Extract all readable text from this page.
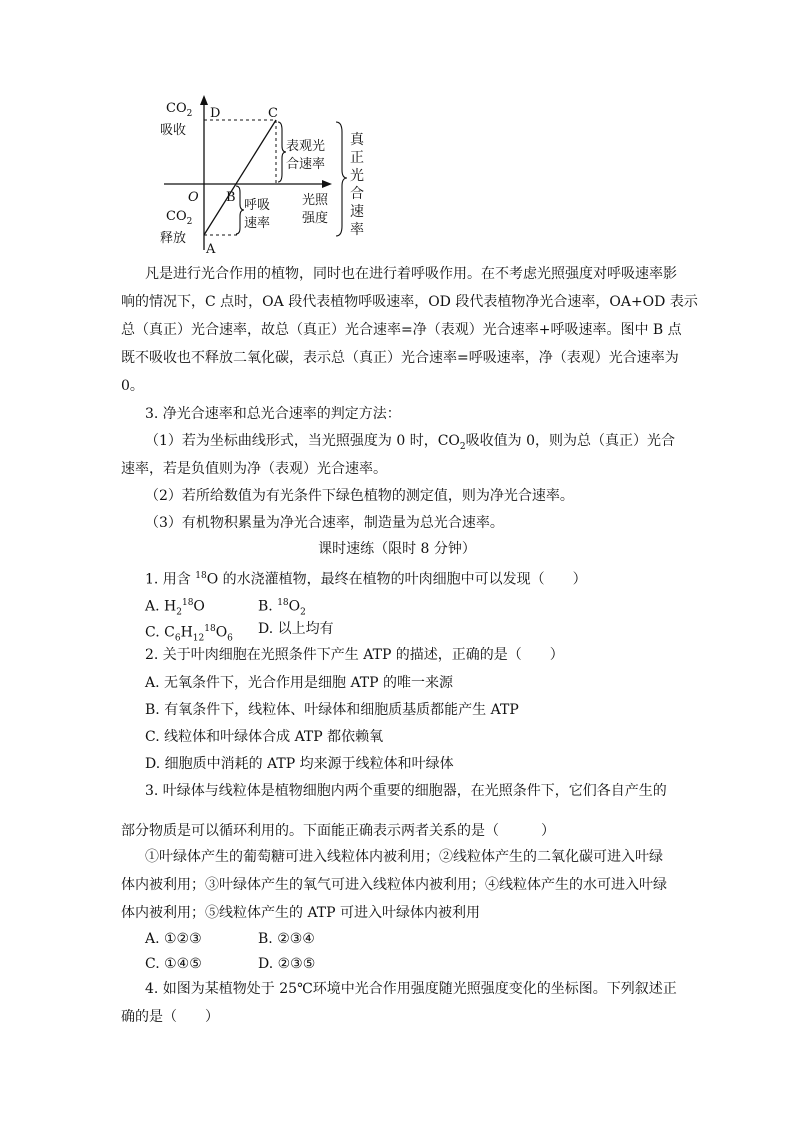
$CO_2$
吸收
$CO_2$
释放
D	C
O B
A
表观光
合速率
呼吸
速率
光照
强度
真
正
光
合
速
率
凡是进行光合作用的植物，同时也在进行着呼吸作用。在不考虑光照强度对呼吸速率影
响的情况下，C 点时，OA 段代表植物呼吸速率，OD 段代表植物净光合速率，OA+OD 表示
总（真正）光合速率，故总（真正）光合速率=净（表观）光合速率+呼吸速率。图中 B 点
既不吸收也不释放二氧化碳，表示总（真正）光合速率=呼吸速率，净（表观）光合速率为
0。
3. 净光合速率和总光合速率的判定方法：
（1）若为坐标曲线形式，当光照强度为 0 时，$CO_2$吸收值为 0，则为总（真正）光合
速率，若是负值则为净（表观）光合速率。
（2）若所给数值为有光条件下绿色植物的测定值，则为净光合速率。
（3）有机物积累量为净光合速率，制造量为总光合速率。
课时速练（限时 8 分钟）
1. 用含 $^{18}$O 的水浇灌植物，最终在植物的叶肉细胞中可以发现（　　）
A. $H_2^{18}O$	B. $^{18}O_2$
C. $C_6H_{12}^{18}O_6$
D. 以上均有
2. 关于叶肉细胞在光照条件下产生 ATP 的描述，正确的是（　　）
A. 无氧条件下，光合作用是细胞 ATP 的唯一来源
B. 有氧条件下，线粒体、叶绿体和细胞质基质都能产生 ATP
C. 线粒体和叶绿体合成 ATP 都依赖氧
D. 细胞质中消耗的 ATP 均来源于线粒体和叶绿体
3. 叶绿体与线粒体是植物细胞内两个重要的细胞器，在光照条件下，它们各自产生的
部分物质是可以循环利用的。下面能正确表示两者关系的是（　　　）
①叶绿体产生的葡萄糖可进入线粒体内被利用；②线粒体产生的二氧化碳可进入叶绿
体内被利用；③叶绿体产生的氧气可进入线粒体内被利用；④线粒体产生的水可进入叶绿
体内被利用；⑤线粒体产生的 ATP 可进入叶绿体内被利用
A. ①②③	B. ②③④
C. ①④⑤	D. ②③⑤
4. 如图为某植物处于 25℃环境中光合作用强度随光照强度变化的坐标图。下列叙述正
确的是（　　）
